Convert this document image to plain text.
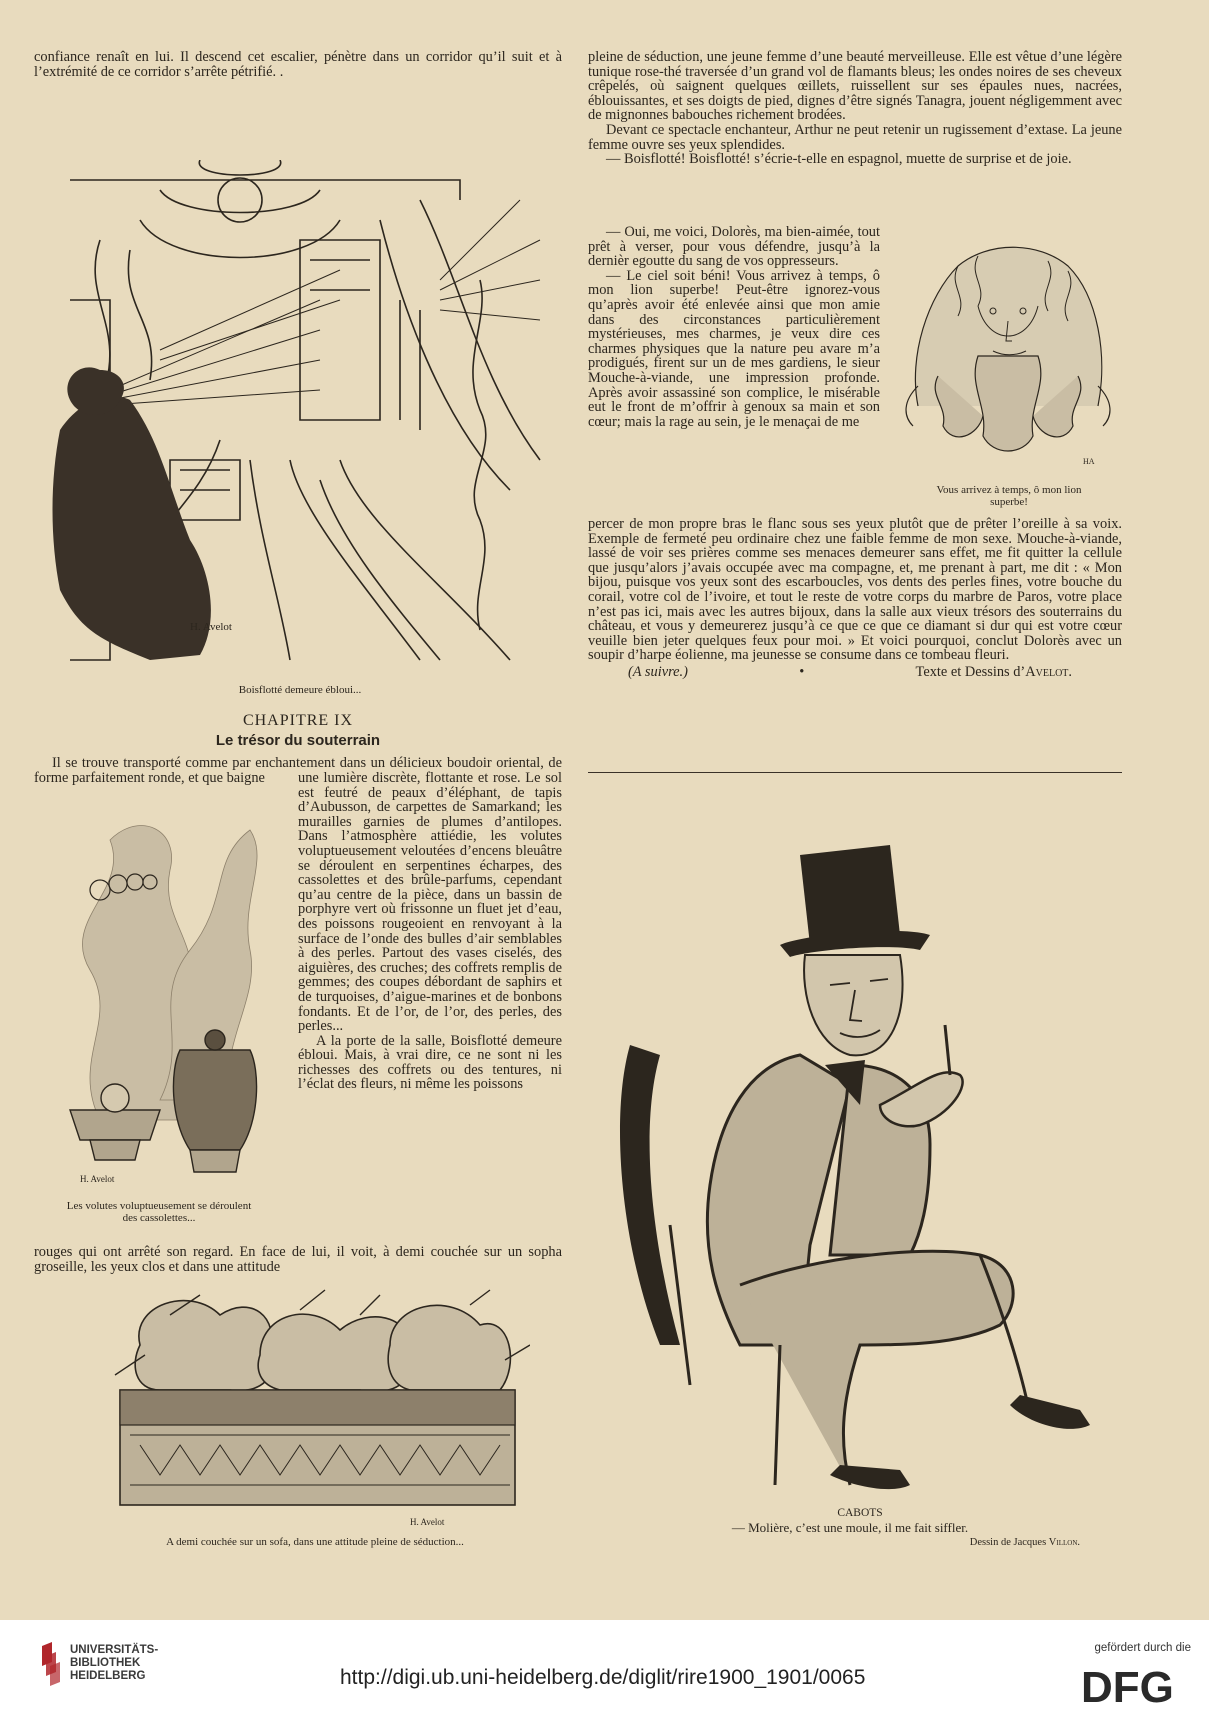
confiance renaît en lui. Il descend cet escalier, pénètre dans un corridor qu’il suit et à l’extrémité de ce corridor s’arrête pétrifié. .

H. Avelot
Boisflotté demeure ébloui...
CHAPITRE IX
Le trésor du souterrain

Il se trouve transporté comme par enchantement dans un délicieux boudoir oriental, de forme parfaitement ronde, et que baigne

H. Avelot
Les volutes voluptueusement se déroulent
des cassolettes...

une lumière discrète, flottante et rose. Le sol est feutré de peaux d’éléphant, de tapis d’Aubusson, de carpettes de Samarkand; les murailles garnies de plumes d’antilopes. Dans l’atmosphère attiédie, les volutes voluptueusement veloutées d’encens bleuâtre se déroulent en serpentines écharpes, des cassolettes et des brûle-parfums, cependant qu’au centre de la pièce, dans un bassin de porphyre vert où frissonne un fluet jet d’eau, des poissons rougeoient en renvoyant à la surface de l’onde des bulles d’air semblables à des perles. Partout des vases ciselés, des aiguières, des cruches; des coffrets remplis de gemmes; des coupes débordant de saphirs et de turquoises, d’aigue-marines et de bonbons fondants. Et de l’or, de l’or, des perles, des perles...

A la porte de la salle, Boisflotté demeure ébloui. Mais, à vrai dire, ce ne sont ni les richesses des coffrets ou des tentures, ni l’éclat des fleurs, ni même les poissons

rouges qui ont arrêté son regard. En face de lui, il voit, à demi couchée sur un sopha groseille, les yeux clos et dans une attitude

H. Avelot
A demi couchée sur un sofa, dans une attitude pleine de séduction...

pleine de séduction, une jeune femme d’une beauté merveilleuse. Elle est vêtue d’une légère tunique rose-thé traversée d’un grand vol de flamants bleus; les ondes noires de ses cheveux crêpelés, où saignent quelques œillets, ruissellent sur ses épaules nues, nacrées, éblouissantes, et ses doigts de pied, dignes d’être signés Tanagra, jouent négligemment avec de mignonnes babouches richement brodées.

Devant ce spectacle enchanteur, Arthur ne peut retenir un rugissement d’extase. La jeune femme ouvre ses yeux splendides.

— Boisflotté! Boisflotté! s’écrie-t-elle en espagnol, muette de surprise et de joie.

— Oui, me voici, Dolorès, ma bien-aimée, tout prêt à verser, pour vous défendre, jusqu’à la dernièr egoutte du sang de vos oppresseurs.

— Le ciel soit béni! Vous arrivez à temps, ô mon lion superbe! Peut-être ignorez-vous qu’après avoir été enlevée ainsi que mon amie dans des circonstances particulièrement mystérieuses, mes charmes, je veux dire ces charmes physiques que la nature peu avare m’a prodigués, firent sur un de mes gardiens, le sieur Mouche-à-viande, une impression profonde. Après avoir assassiné son complice, le misérable eut le front de m’offrir à genoux sa main et son cœur; mais la rage au sein, je le menaçai de me

HA
Vous arrivez à temps, ô mon lion
superbe!

percer de mon propre bras le flanc sous ses yeux plutôt que de prêter l’oreille à sa voix. Exemple de fermeté peu ordinaire chez une faible femme de mon sexe. Mouche-à-viande, lassé de voir ses prières comme ses menaces demeurer sans effet, me fit quitter la cellule que jusqu’alors j’avais occupée avec ma compagne, et, me prenant à part, me dit : « Mon bijou, puisque vos yeux sont des escarboucles, vos dents des perles fines, votre bouche du corail, votre col de l’ivoire, et tout le reste de votre corps du marbre de Paros, votre place n’est pas ici, mais avec les autres bijoux, dans la salle aux vieux trésors des souterrains du château, et vous y demeurerez jusqu’à ce que ce que ce diamant si dur qui est votre cœur veuille bien jeter quelques feux pour moi. » Et voici pourquoi, conclut Dolorès avec un soupir d’harpe éolienne, ma jeunesse se consume dans ce tombeau fleuri.

(A suivre.)	•	Texte et Dessins d’Avelot.

CABOTS
— Molière, c’est une moule, il me fait siffler.
Dessin de Jacques Villon.
UNIVERSITÄTS-
BIBLIOTHEK
HEIDELBERG	http://digi.ub.uni-heidelberg.de/diglit/rire1900_1901/0065
gefördert durch die
DFG
